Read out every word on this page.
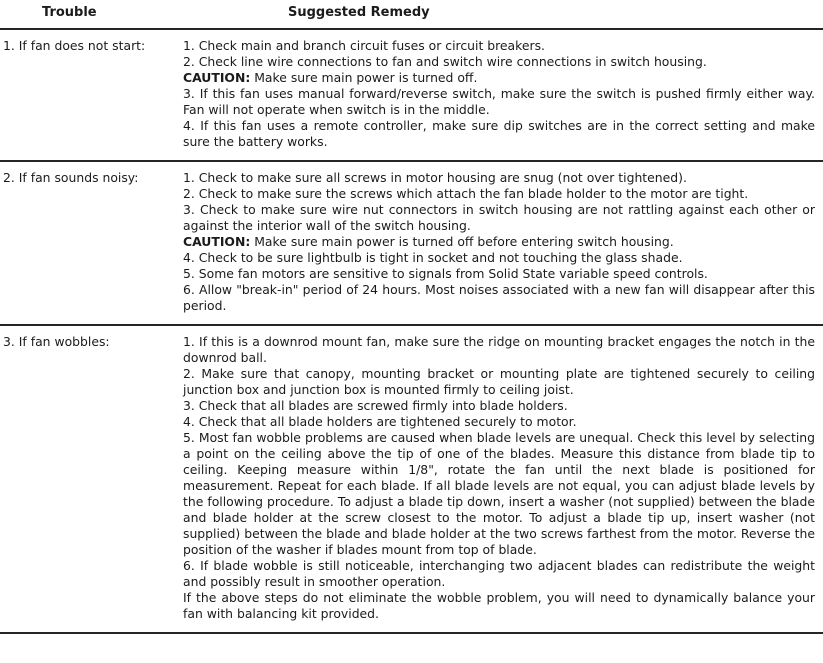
Trouble	Suggested Remedy
1. If fan does not start:	1. Check main and branch circuit fuses or circuit breakers.

2. Check line wire connections to fan and switch wire connections in switch housing.

CAUTION: Make sure main power is turned off.

3. If this fan uses manual forward/reverse switch, make sure the switch is pushed firmly either way. Fan will not operate when switch is in the middle.

4. If this fan uses a remote controller, make sure dip switches are in the correct setting and make sure the battery works.

2. If fan sounds noisy:	1. Check to make sure all screws in motor housing are snug (not over tightened).

2. Check to make sure the screws which attach the fan blade holder to the motor are tight.

3. Check to make sure wire nut connectors in switch housing are not rattling against each other or against the interior wall of the switch housing.

CAUTION: Make sure main power is turned off before entering switch housing.

4. Check to be sure lightbulb is tight in socket and not touching the glass shade.

5. Some fan motors are sensitive to signals from Solid State variable speed controls.

6. Allow "break-in" period of 24 hours. Most noises associated with a new fan will disappear after this period.

3. If fan wobbles:	1. If this is a downrod mount fan, make sure the ridge on mounting bracket engages the notch in the downrod ball.

2. Make sure that canopy, mounting bracket or mounting plate are tightened securely to ceiling junction box and junction box is mounted firmly to ceiling joist.

3. Check that all blades are screwed firmly into blade holders.

4. Check that all blade holders are tightened securely to motor.

5. Most fan wobble problems are caused when blade levels are unequal. Check this level by selecting a point on the ceiling above the tip of one of the blades. Measure this distance from blade tip to ceiling. Keeping measure within 1/8", rotate the fan until the next blade is positioned for measurement. Repeat for each blade. If all blade levels are not equal, you can adjust blade levels by the following procedure. To adjust a blade tip down, insert a washer (not supplied) between the blade and blade holder at the screw closest to the motor. To adjust a blade tip up, insert washer (not supplied) between the blade and blade holder at the two screws farthest from the motor. Reverse the position of the washer if blades mount from top of blade.

6. If blade wobble is still noticeable, interchanging two adjacent blades can redistribute the weight and possibly result in smoother operation.

If the above steps do not eliminate the wobble problem, you will need to dynamically balance your fan with balancing kit provided.
